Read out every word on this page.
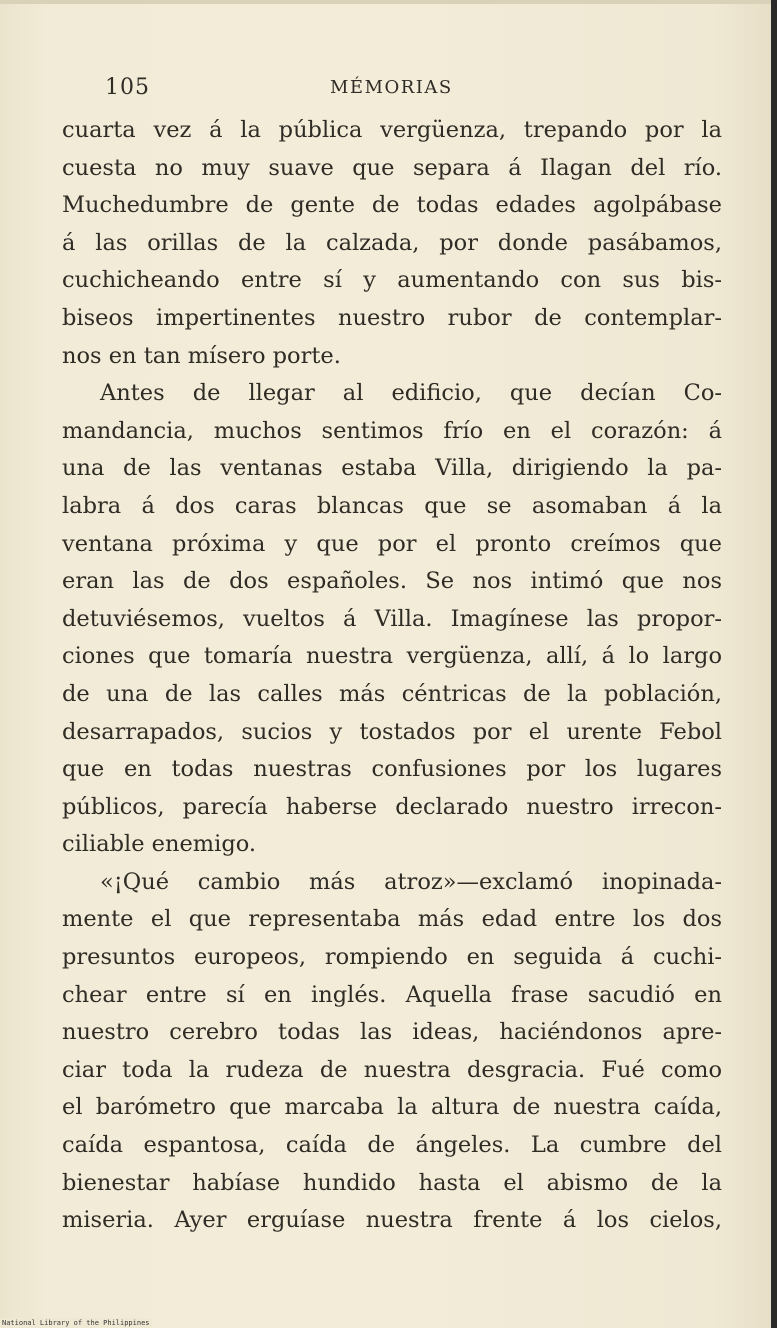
105	MÉMORIAS
cuarta vez á la pública vergüenza, trepando por la
cuesta no muy suave que separa á Ilagan del río.
Muchedumbre de gente de todas edades agolpábase
á las orillas de la calzada, por donde pasábamos,
cuchicheando entre sí y aumentando con sus bis-
biseos impertinentes nuestro rubor de contemplar-
nos en tan mísero porte.
Antes de llegar al edificio, que decían Co-
mandancia, muchos sentimos frío en el corazón: á
una de las ventanas estaba Villa, dirigiendo la pa-
labra á dos caras blancas que se asomaban á la
ventana próxima y que por el pronto creímos que
eran las de dos españoles. Se nos intimó que nos
detuviésemos, vueltos á Villa. Imagínese las propor-
ciones que tomaría nuestra vergüenza, allí, á lo largo
de una de las calles más céntricas de la población,
desarrapados, sucios y tostados por el urente Febol
que en todas nuestras confusiones por los lugares
públicos, parecía haberse declarado nuestro irrecon-
ciliable enemigo.
«¡Qué cambio más atroz»—exclamó inopinada-
mente el que representaba más edad entre los dos
presuntos europeos, rompiendo en seguida á cuchi-
chear entre sí en inglés. Aquella frase sacudió en
nuestro cerebro todas las ideas, haciéndonos apre-
ciar toda la rudeza de nuestra desgracia. Fué como
el barómetro que marcaba la altura de nuestra caída,
caída espantosa, caída de ángeles. La cumbre del
bienestar habíase hundido hasta el abismo de la
miseria. Ayer erguíase nuestra frente á los cielos,
National Library of the Philippines
